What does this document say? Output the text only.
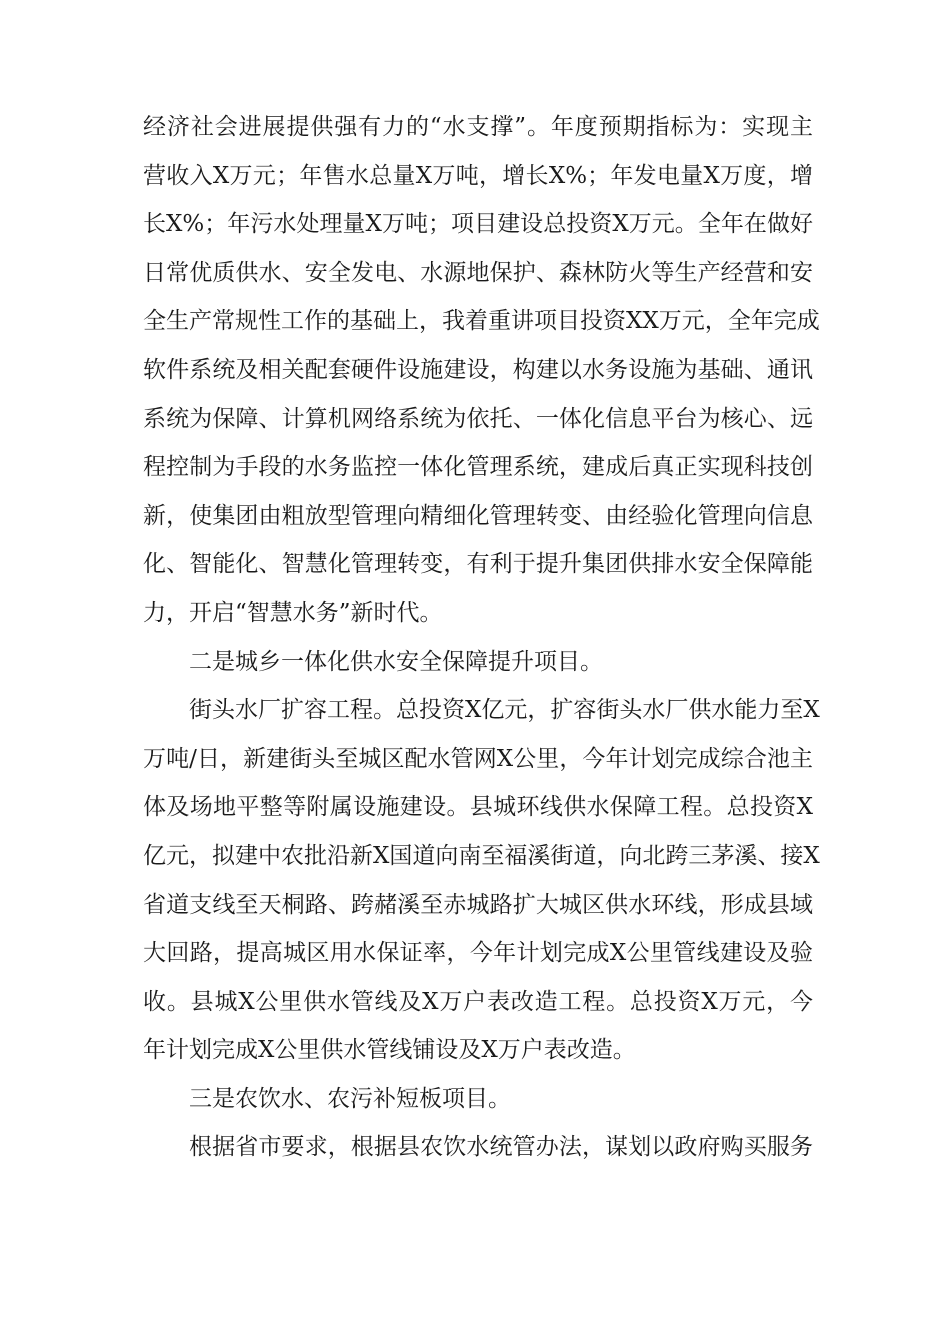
经济社会进展提供强有力的“水支撑”。年度预期指标为：实现主
营收入X万元；年售水总量X万吨，增长X%；年发电量X万度，增
长X%；年污水处理量X万吨；项目建设总投资X万元。全年在做好
日常优质供水、安全发电、水源地保护、森林防火等生产经营和安
全生产常规性工作的基础上，我着重讲项目投资XX万元，全年完成
软件系统及相关配套硬件设施建设，构建以水务设施为基础、通讯
系统为保障、计算机网络系统为依托、一体化信息平台为核心、远
程控制为手段的水务监控一体化管理系统，建成后真正实现科技创
新，使集团由粗放型管理向精细化管理转变、由经验化管理向信息
化、智能化、智慧化管理转变，有利于提升集团供排水安全保障能
力，开启“智慧水务”新时代。
二是城乡一体化供水安全保障提升项目。
街头水厂扩容工程。总投资X亿元，扩容街头水厂供水能力至X
万吨/日，新建街头至城区配水管网X公里，今年计划完成综合池主
体及场地平整等附属设施建设。县城环线供水保障工程。总投资X
亿元，拟建中农批沿新X国道向南至福溪街道，向北跨三茅溪、接X
省道支线至天桐路、跨赭溪至赤城路扩大城区供水环线，形成县域
大回路，提高城区用水保证率，今年计划完成X公里管线建设及验
收。县城X公里供水管线及X万户表改造工程。总投资X万元，今
年计划完成X公里供水管线铺设及X万户表改造。
三是农饮水、农污补短板项目。
根据省市要求，根据县农饮水统管办法，谋划以政府购买服务
